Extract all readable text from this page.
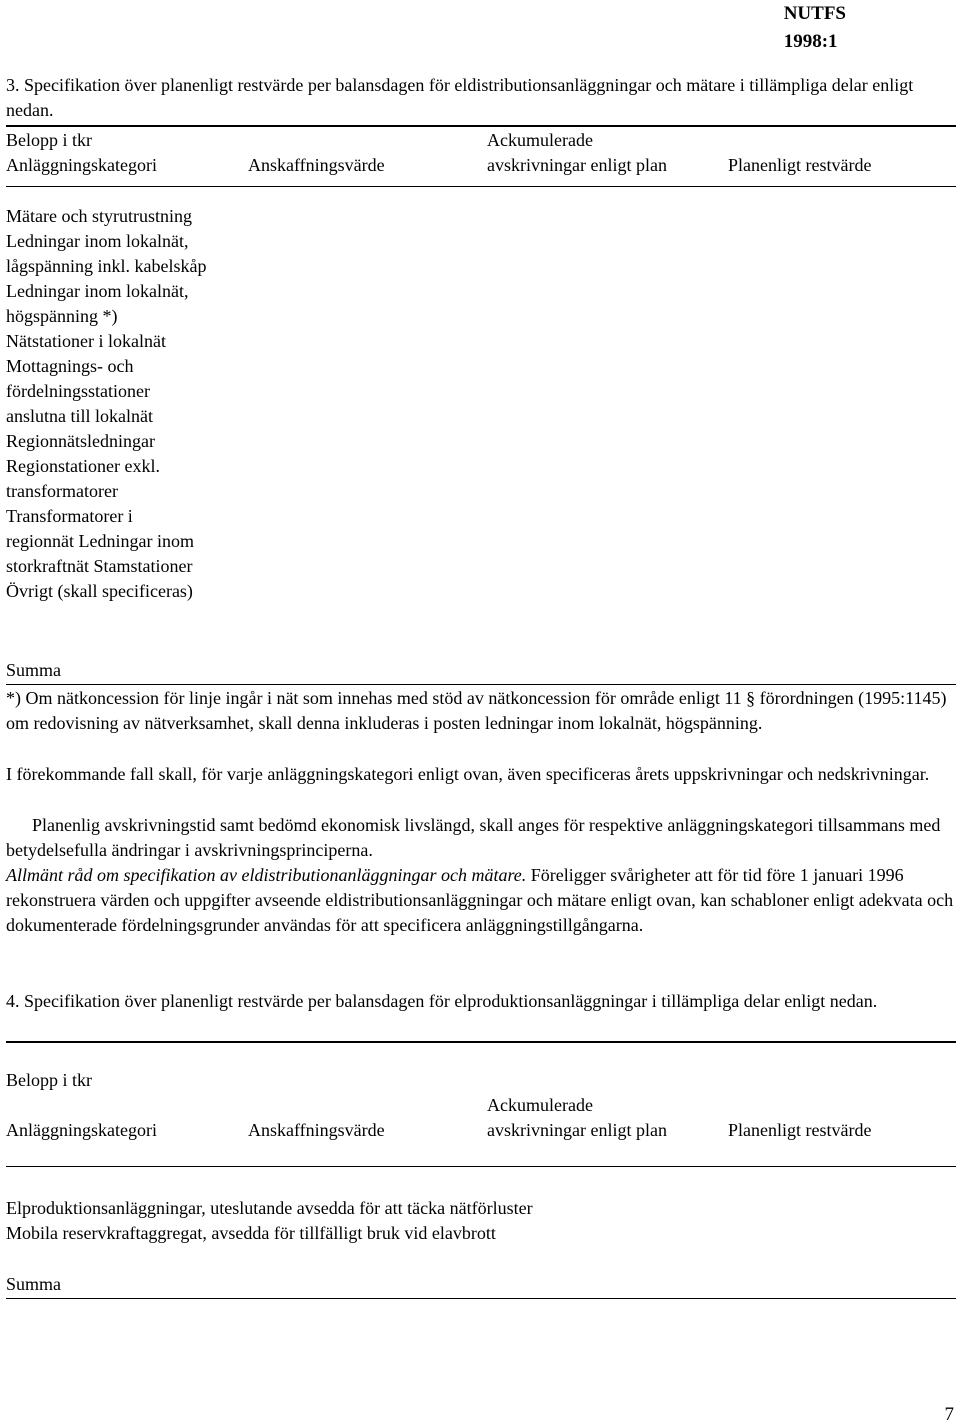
NUTFS
1998:1
3. Specifikation över planenligt restvärde per balansdagen för eldistributionsanläggningar och mätare i tillämpliga delar enligt nedan.
Belopp i tkr	Ackumulerade
Anläggningskategori	Anskaffningsvärde	avskrivningar enligt plan	Planenligt restvärde
Mätare och styrutrustning
Ledningar inom lokalnät,
lågspänning inkl. kabelskåp
Ledningar inom lokalnät,
högspänning *)
Nätstationer i lokalnät
Mottagnings- och
fördelningsstationer
anslutna till lokalnät
Regionnätsledningar
Regionstationer exkl.
transformatorer
Transformatorer i
regionnät Ledningar inom
storkraftnät Stamstationer
Övrigt (skall specificeras)
Summa
*) Om nätkoncession för linje ingår i nät som innehas med stöd av nätkoncession för område enligt 11 § förordningen (1995:1145) om redovisning av nätverksamhet, skall denna inkluderas i posten ledningar inom lokalnät, högspänning.
I förekommande fall skall, för varje anläggningskategori enligt ovan, även specificeras årets uppskrivningar och nedskrivningar.
Planenlig avskrivningstid samt bedömd ekonomisk livslängd, skall anges för respektive anläggningskategori tillsammans med betydelsefulla ändringar i avskrivningsprinciperna.
Allmänt råd om specifikation av eldistributionanläggningar och mätare. Föreligger svårigheter att för tid före 1 januari 1996 rekonstruera värden och uppgifter avseende eldistributionsanläggningar och mätare enligt ovan, kan schabloner enligt adekvata och dokumenterade fördelningsgrunder användas för att specificera anläggningstillgångarna.
4. Specifikation över planenligt restvärde per balansdagen för elproduktionsanläggningar i tillämpliga delar enligt nedan.
Belopp i tkr
Ackumulerade
Anläggningskategori	Anskaffningsvärde	avskrivningar enligt plan	Planenligt restvärde
Elproduktionsanläggningar, uteslutande avsedda för att täcka nätförluster
Mobila reservkraftaggregat, avsedda för tillfälligt bruk vid elavbrott
Summa
7
